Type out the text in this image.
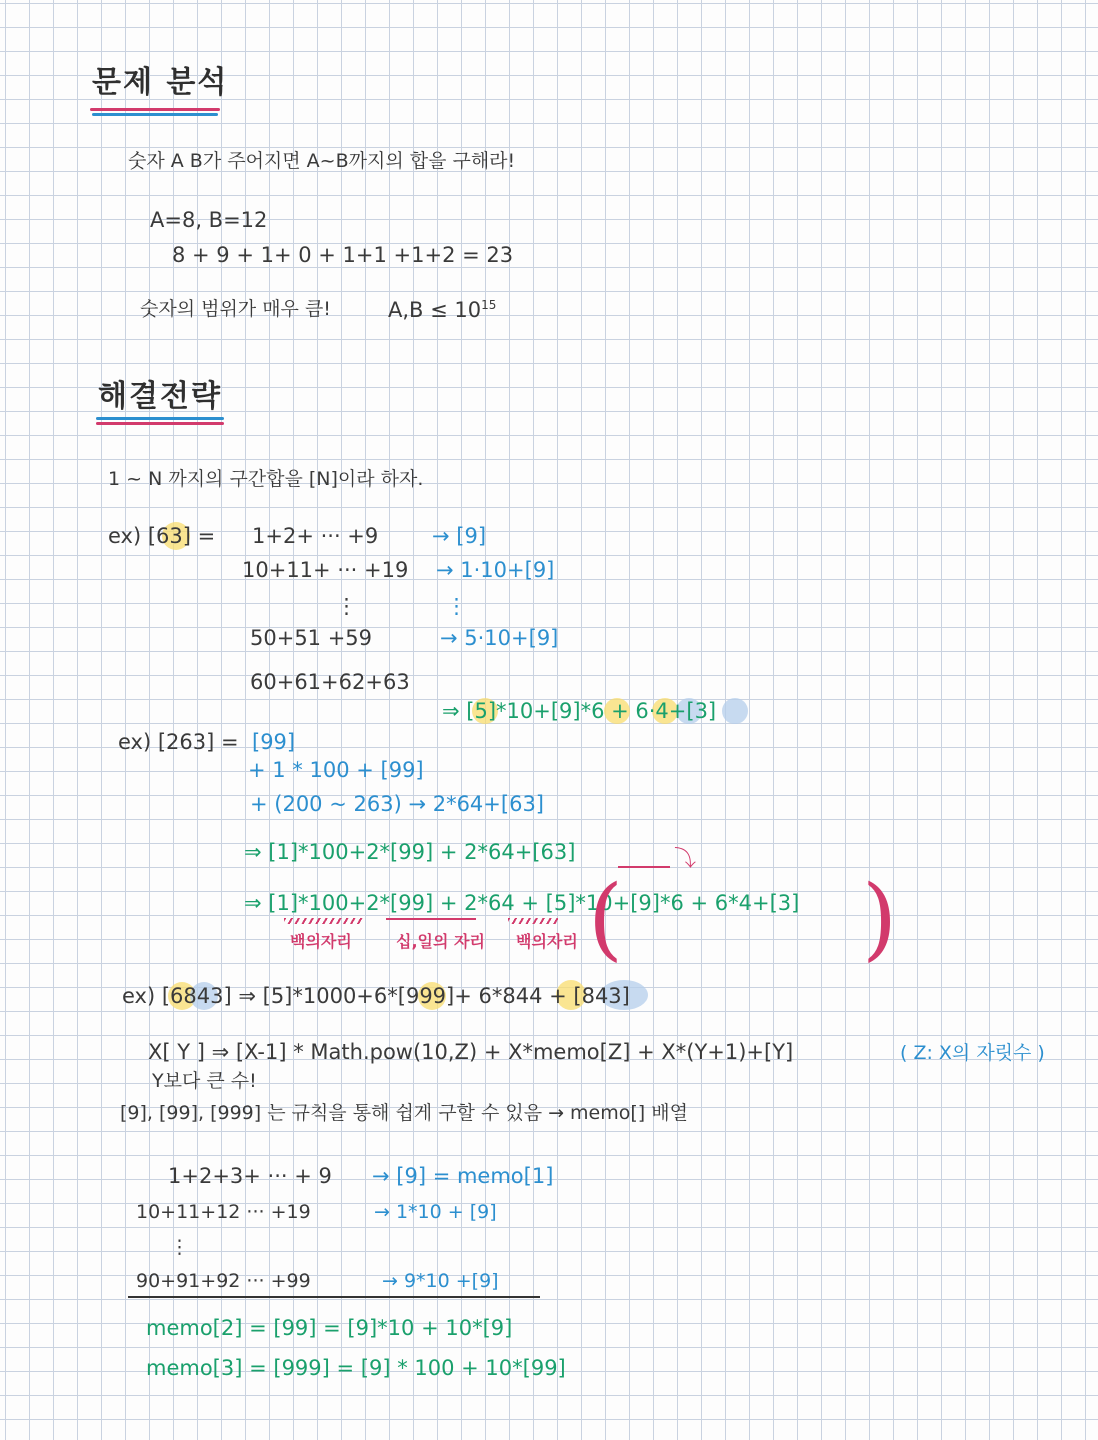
문제 분석
숫자 A B가 주어지면 A~B까지의 합을 구해라!
A=8, B=12
8 + 9 + 1+ 0 + 1+1 +1+2 = 23
숫자의 범위가 매우 큼!	$A,B \le 10^{15}$
해결전략
1 ~ N 까지의 구간합을 [N]이라 하자.
ex) [63] = 1+2+ ··· +9	→ [9]
10+11+ ··· +19 → 1·10+[9]
⋮	⋮
50+51 +59	→ 5·10+[9]
60+61+62+63
⇒ [5]*10+[9]*6 + 6·4+[3]
ex) [263] = [99]
+ 1 * 100 + [99]
+ (200 ~ 263) → 2*64+[63]
⇒ [1]*100+2*[99] + 2*64+[63]	⤵
⇒ [1]*100+2*[99] + 2*64 + [5]*10+[9]*6 + 6*4+[3]
(	)
백의자리	십,일의 자리 백의자리
ex) [6843] ⇒ [5]*1000+6*[999]+ 6*844 + [843]
X[ Y ] ⇒ [X-1] * Math.pow(10,Z) + X*memo[Z] + X*(Y+1)+[Y]	( Z: X의 자릿수 )
Y보다 큰 수!
[9], [99], [999] 는 규칙을 통해 쉽게 구할 수 있음 → memo[] 배열
1+2+3+ ··· + 9 → [9] = memo[1]
10+11+12 ··· +19	→ 1*10 + [9]
⋮
90+91+92 ··· +99	→ 9*10 +[9]
memo[2] = [99] = [9]*10 + 10*[9]
memo[3] = [999] = [9] * 100 + 10*[99]
